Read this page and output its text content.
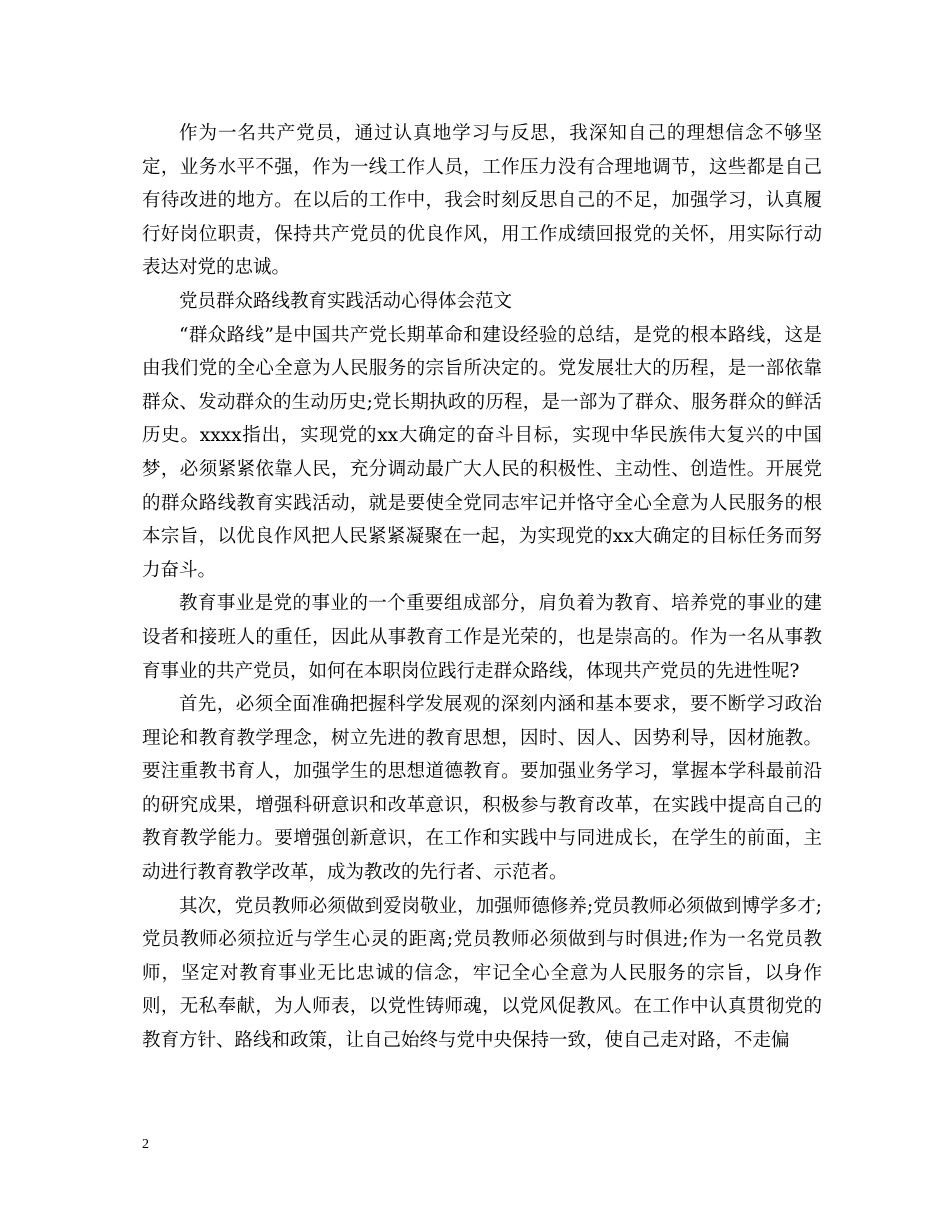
作为一名共产党员，通过认真地学习与反思，我深知自己的理想信念不够坚定，业务水平不强，作为一线工作人员，工作压力没有合理地调节，这些都是自己有待改进的地方。在以后的工作中，我会时刻反思自己的不足，加强学习，认真履行好岗位职责，保持共产党员的优良作风，用工作成绩回报党的关怀，用实际行动表达对党的忠诚。

党员群众路线教育实践活动心得体会范文

“群众路线”是中国共产党长期革命和建设经验的总结，是党的根本路线，这是由我们党的全心全意为人民服务的宗旨所决定的。党发展壮大的历程，是一部依靠群众、发动群众的生动历史;党长期执政的历程，是一部为了群众、服务群众的鲜活历史。xxxx指出，实现党的xx大确定的奋斗目标，实现中华民族伟大复兴的中国梦，必须紧紧依靠人民，充分调动最广大人民的积极性、主动性、创造性。开展党的群众路线教育实践活动，就是要使全党同志牢记并恪守全心全意为人民服务的根本宗旨，以优良作风把人民紧紧凝聚在一起，为实现党的xx大确定的目标任务而努力奋斗。

教育事业是党的事业的一个重要组成部分，肩负着为教育、培养党的事业的建设者和接班人的重任，因此从事教育工作是光荣的，也是崇高的。作为一名从事教育事业的共产党员，如何在本职岗位践行走群众路线，体现共产党员的先进性呢?

首先，必须全面准确把握科学发展观的深刻内涵和基本要求，要不断学习政治理论和教育教学理念，树立先进的教育思想，因时、因人、因势利导，因材施教。要注重教书育人，加强学生的思想道德教育。要加强业务学习，掌握本学科最前沿的研究成果，增强科研意识和改革意识，积极参与教育改革，在实践中提高自己的教育教学能力。要增强创新意识，在工作和实践中与同进成长，在学生的前面，主动进行教育教学改革，成为教改的先行者、示范者。

其次，党员教师必须做到爱岗敬业，加强师德修养;党员教师必须做到博学多才;党员教师必须拉近与学生心灵的距离;党员教师必须做到与时俱进;作为一名党员教师，坚定对教育事业无比忠诚的信念，牢记全心全意为人民服务的宗旨，以身作则，无私奉献，为人师表，以党性铸师魂，以党风促教风。在工作中认真贯彻党的教育方针、路线和政策，让自己始终与党中央保持一致，使自己走对路，不走偏

2
